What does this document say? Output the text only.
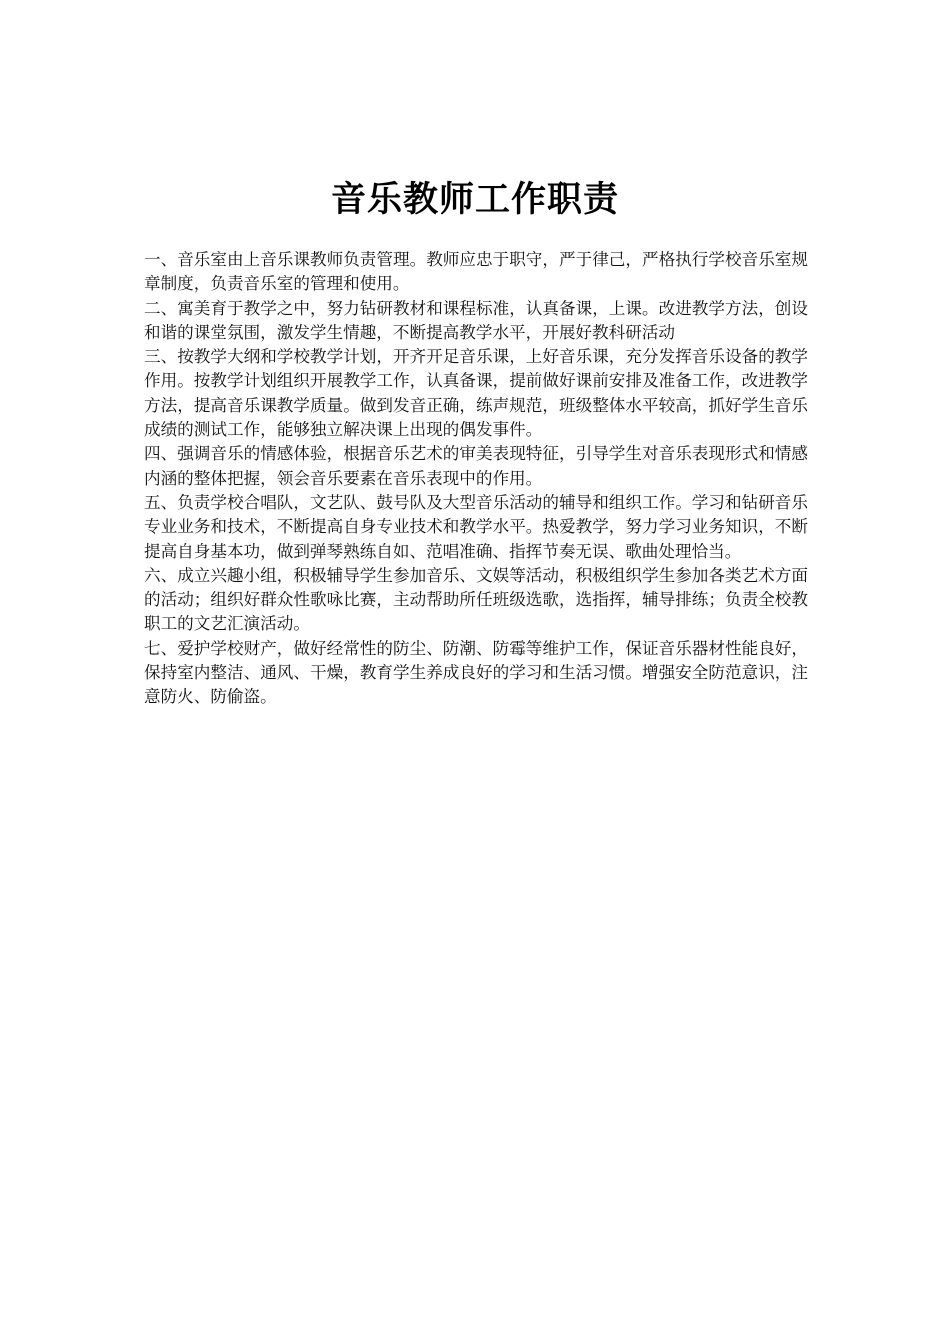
音乐教师工作职责

一、音乐室由上音乐课教师负责管理。教师应忠于职守，严于律己，严格执行学校音乐室规章制度，负责音乐室的管理和使用。

二、寓美育于教学之中，努力钻研教材和课程标准，认真备课，上课。改进教学方法，创设和谐的课堂氛围，激发学生情趣，不断提高教学水平，开展好教科研活动

三、按教学大纲和学校教学计划，开齐开足音乐课，上好音乐课，充分发挥音乐设备的教学作用。按教学计划组织开展教学工作，认真备课，提前做好课前安排及准备工作，改进教学方法，提高音乐课教学质量。做到发音正确，练声规范，班级整体水平较高，抓好学生音乐成绩的测试工作，能够独立解决课上出现的偶发事件。

四、强调音乐的情感体验，根据音乐艺术的审美表现特征，引导学生对音乐表现形式和情感内涵的整体把握，领会音乐要素在音乐表现中的作用。

五、负责学校合唱队，文艺队、鼓号队及大型音乐活动的辅导和组织工作。学习和钻研音乐专业业务和技术，不断提高自身专业技术和教学水平。热爱教学，努力学习业务知识，不断提高自身基本功，做到弹琴熟练自如、范唱准确、指挥节奏无误、歌曲处理恰当。

六、成立兴趣小组，积极辅导学生参加音乐、文娱等活动，积极组织学生参加各类艺术方面的活动；组织好群众性歌咏比赛，主动帮助所任班级选歌，选指挥，辅导排练；负责全校教职工的文艺汇演活动。

七、爱护学校财产，做好经常性的防尘、防潮、防霉等维护工作，保证音乐器材性能良好，保持室内整洁、通风、干燥，教育学生养成良好的学习和生活习惯。增强安全防范意识，注意防火、防偷盗。
